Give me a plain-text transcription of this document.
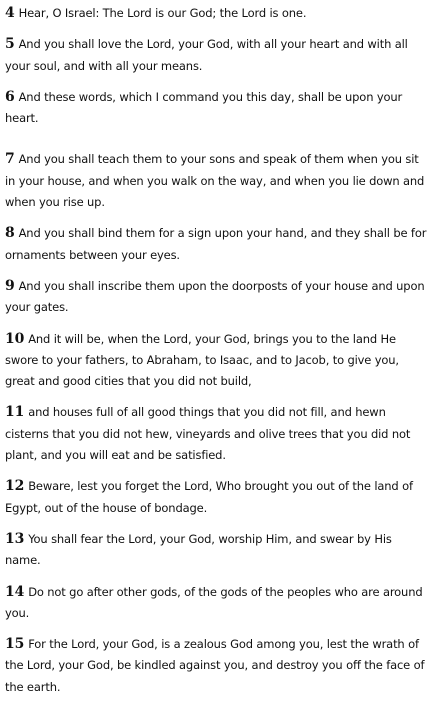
4 Hear, O Israel: The Lord is our God; the Lord is one.

5 And you shall love the Lord, your God, with all your heart and with all your soul, and with all your means.

6 And these words, which I command you this day, shall be upon your heart.

7 And you shall teach them to your sons and speak of them when you sit in your house, and when you walk on the way, and when you lie down and when you rise up.

8 And you shall bind them for a sign upon your hand, and they shall be for ornaments between your eyes.

9 And you shall inscribe them upon the doorposts of your house and upon your gates.

10 And it will be, when the Lord, your God, brings you to the land He swore to your fathers, to Abraham, to Isaac, and to Jacob, to give you, great and good cities that you did not build,

11 and houses full of all good things that you did not fill, and hewn cisterns that you did not hew, vineyards and olive trees that you did not plant, and you will eat and be satisfied.

12 Beware, lest you forget the Lord, Who brought you out of the land of Egypt, out of the house of bondage.

13 You shall fear the Lord, your God, worship Him, and swear by His name.

14 Do not go after other gods, of the gods of the peoples who are around you.

15 For the Lord, your God, is a zealous God among you, lest the wrath of the Lord, your God, be kindled against you, and destroy you off the face of the earth.
